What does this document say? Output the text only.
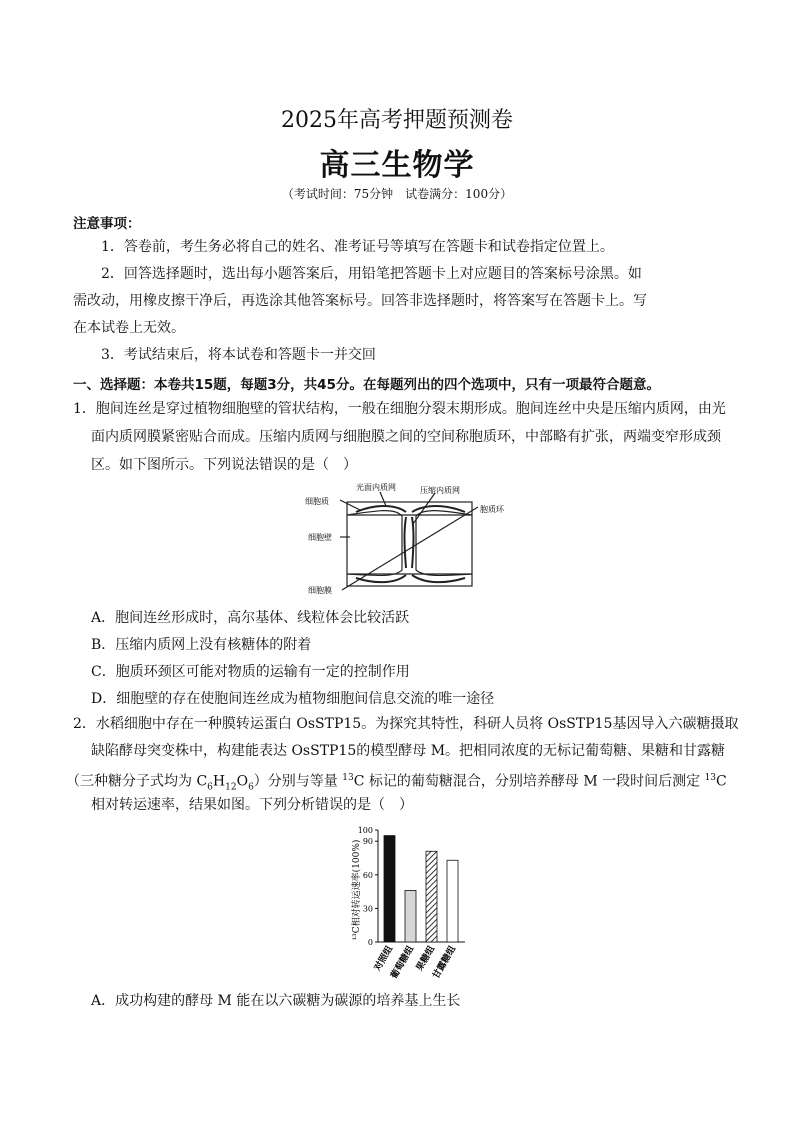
2025年高考押题预测卷
高三生物学
（考试时间：75分钟　试卷满分：100分）
注意事项：
1．答卷前，考生务必将自己的姓名、准考证号等填写在答题卡和试卷指定位置上。
2．回答选择题时，选出每小题答案后，用铅笔把答题卡上对应题目的答案标号涂黑。如
需改动，用橡皮擦干净后，再选涂其他答案标号。回答非选择题时，将答案写在答题卡上。写
在本试卷上无效。
3．考试结束后，将本试卷和答题卡一并交回
一、选择题：本卷共15题，每题3分，共45分。在每题列出的四个选项中，只有一项最符合题意。
1．胞间连丝是穿过植物细胞壁的管状结构，一般在细胞分裂末期形成。胞间连丝中央是压缩内质网，由光
面内质网膜紧密贴合而成。压缩内质网与细胞膜之间的空间称胞质环，中部略有扩张，两端变窄形成颈
区。如下图所示。下列说法错误的是（　）
细胞质
光面内质网	压缩内质网
胞质环
细胞壁
细胞膜
A．胞间连丝形成时，高尔基体、线粒体会比较活跃
B．压缩内质网上没有核糖体的附着
C．胞质环颈区可能对物质的运输有一定的控制作用
D．细胞壁的存在使胞间连丝成为植物细胞间信息交流的唯一途径
2．水稻细胞中存在一种膜转运蛋白 OsSTP15。为探究其特性，科研人员将 OsSTP15基因导入六碳糖摄取
缺陷酵母突变株中，构建能表达 OsSTP15的模型酵母 M。把相同浓度的无标记葡萄糖、果糖和甘露糖
（三种糖分子式均为 $C_6H_{12}O_6$）分别与等量 $^{13}$C 标记的葡萄糖混合，分别培养酵母 M 一段时间后测定 $^{13}$C
相对转运速率，结果如图。下列分析错误的是（　）
¹³C相对转运速率(100%)
0
30
60
90
100
对照组
葡萄糖组
果糖组
甘露糖组
A．成功构建的酵母 M 能在以六碳糖为碳源的培养基上生长
